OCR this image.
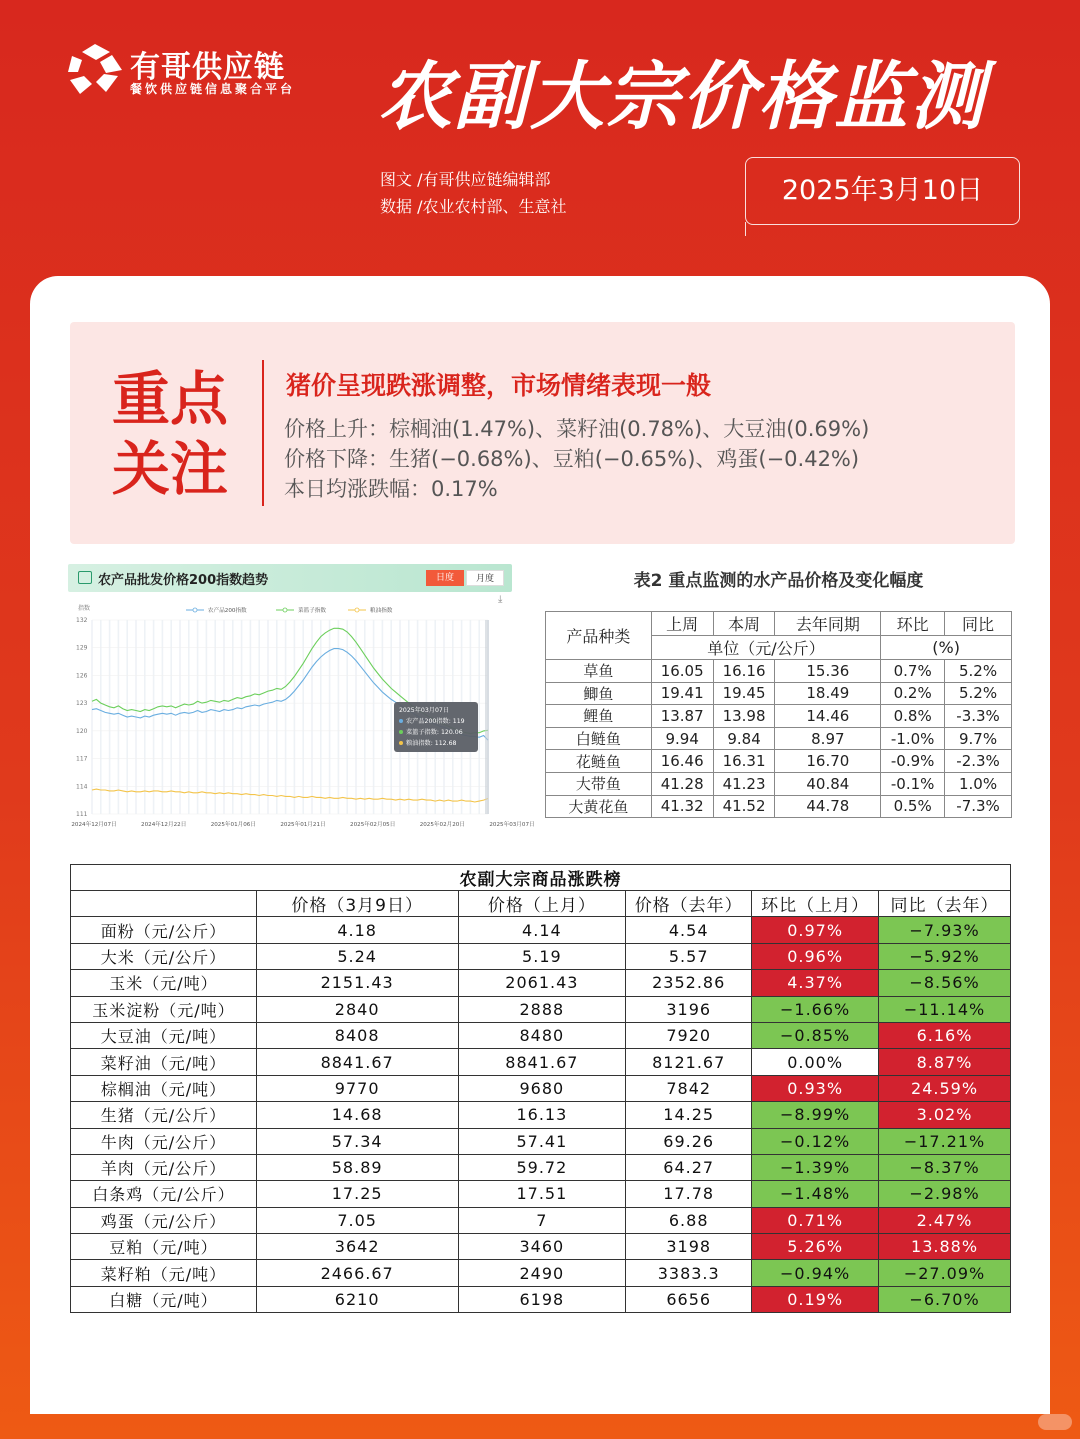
有哥供应链
餐饮供应链信息聚合平台 农副大宗价格监测
图文 /有哥供应链编辑部
数据 /农业农村部、生意社
2025年3月10日
重点
关注
猪价呈现跌涨调整，市场情绪表现一般
价格上升：棕榈油(1.47%)、菜籽油(0.78%)、大豆油(0.69%)
价格下降：生猪(−0.68%)、豆粕(−0.65%)、鸡蛋(−0.42%)
本日均涨跌幅：0.17%
农产品批发价格200指数趋势	日度	月度
⤓
111
114
117
120
123
126
129
132
指数
2024年12月07日	2024年12月22日	2025年01月06日	2025年01月21日	2025年02月05日	2025年02月20日	2025年03月07日
农产品200指数	菜篮子指数	粮油指数
2025年03月07日
农产品200指数: 119
菜篮子指数: 120.06
粮油指数: 112.68
表2 重点监测的水产品价格及变化幅度
产品种类	上周	本周	去年同期	环比	同比
	单位（元/公斤）			(%)	
草鱼	16.05	16.16	15.36	0.7%	5.2%
鲫鱼	19.41	19.45	18.49	0.2%	5.2%
鲤鱼	13.87	13.98	14.46	0.8%	-3.3%
白鲢鱼	9.94	9.84	8.97	-1.0%	9.7%
花鲢鱼	16.46	16.31	16.70	-0.9%	-2.3%
大带鱼	41.28	41.23	40.84	-0.1%	1.0%
大黄花鱼	41.32	41.52	44.78	0.5%	-7.3%
农副大宗商品涨跌榜					
	价格（3月9日）	价格（上月）	价格（去年）	环比（上月）	同比（去年）
面粉（元/公斤）	4.18	4.14	4.54	0.97%	−7.93%
大米（元/公斤）	5.24	5.19	5.57	0.96%	−5.92%
玉米（元/吨）	2151.43	2061.43	2352.86	4.37%	−8.56%
玉米淀粉（元/吨）	2840	2888	3196	−1.66%	−11.14%
大豆油（元/吨）	8408	8480	7920	−0.85%	6.16%
菜籽油（元/吨）	8841.67	8841.67	8121.67	0.00%	8.87%
棕榈油（元/吨）	9770	9680	7842	0.93%	24.59%
生猪（元/公斤）	14.68	16.13	14.25	−8.99%	3.02%
牛肉（元/公斤）	57.34	57.41	69.26	−0.12%	−17.21%
羊肉（元/公斤）	58.89	59.72	64.27	−1.39%	−8.37%
白条鸡（元/公斤）	17.25	17.51	17.78	−1.48%	−2.98%
鸡蛋（元/公斤）	7.05	7	6.88	0.71%	2.47%
豆粕（元/吨）	3642	3460	3198	5.26%	13.88%
菜籽粕（元/吨）	2466.67	2490	3383.3	−0.94%	−27.09%
白糖（元/吨）	6210	6198	6656	0.19%	−6.70%
